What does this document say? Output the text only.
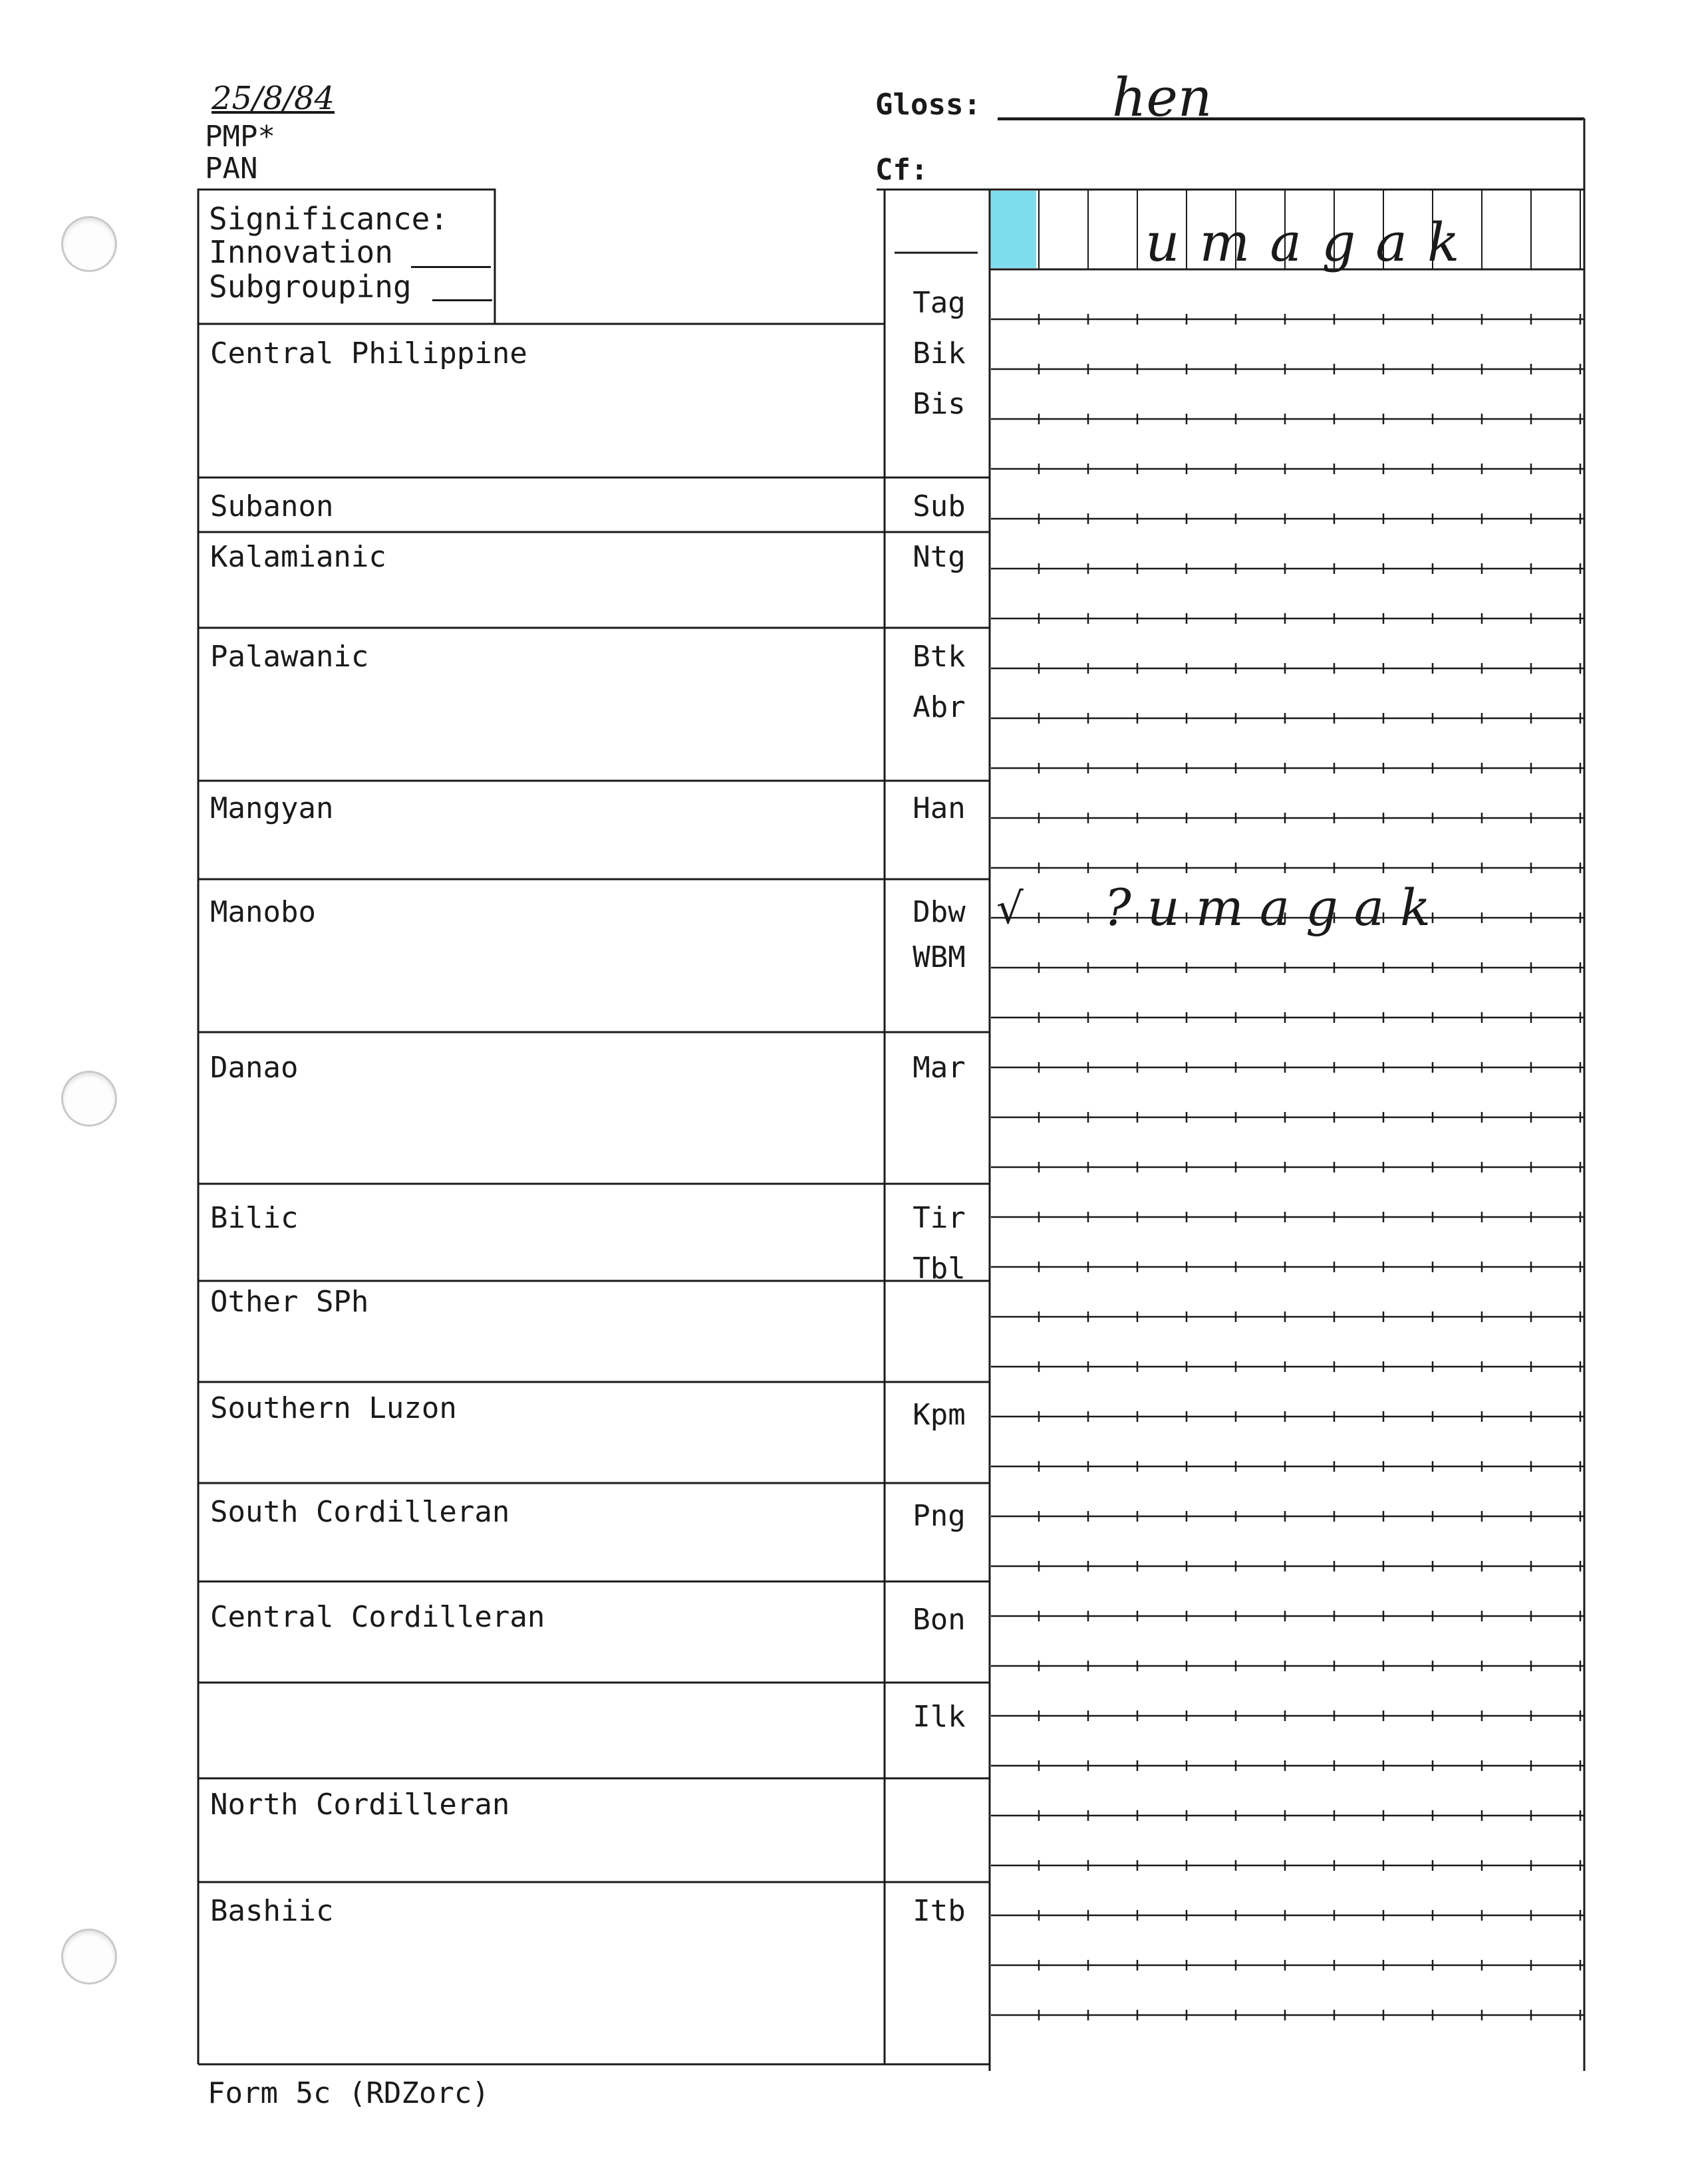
25/8/84
PMP*
PAN
Gloss: hen
Cf:
Significance:
Innovation
Subgrouping
umagak
Central Philippine
Subanon
Kalamianic
Palawanic
Mangyan
Manobo
Danao
Bilic
Other SPh
Southern Luzon
South Cordilleran
Central Cordilleran
North Cordilleran
Bashiic
Tag
Bik
Bis
Sub
Ntg
Btk
Abr
Han
Dbw
WBM
Mar
Tir
Tbl
Kpm
Png
Bon
Ilk
Itb
√ ?umagak
Form 5c (RDZorc)
